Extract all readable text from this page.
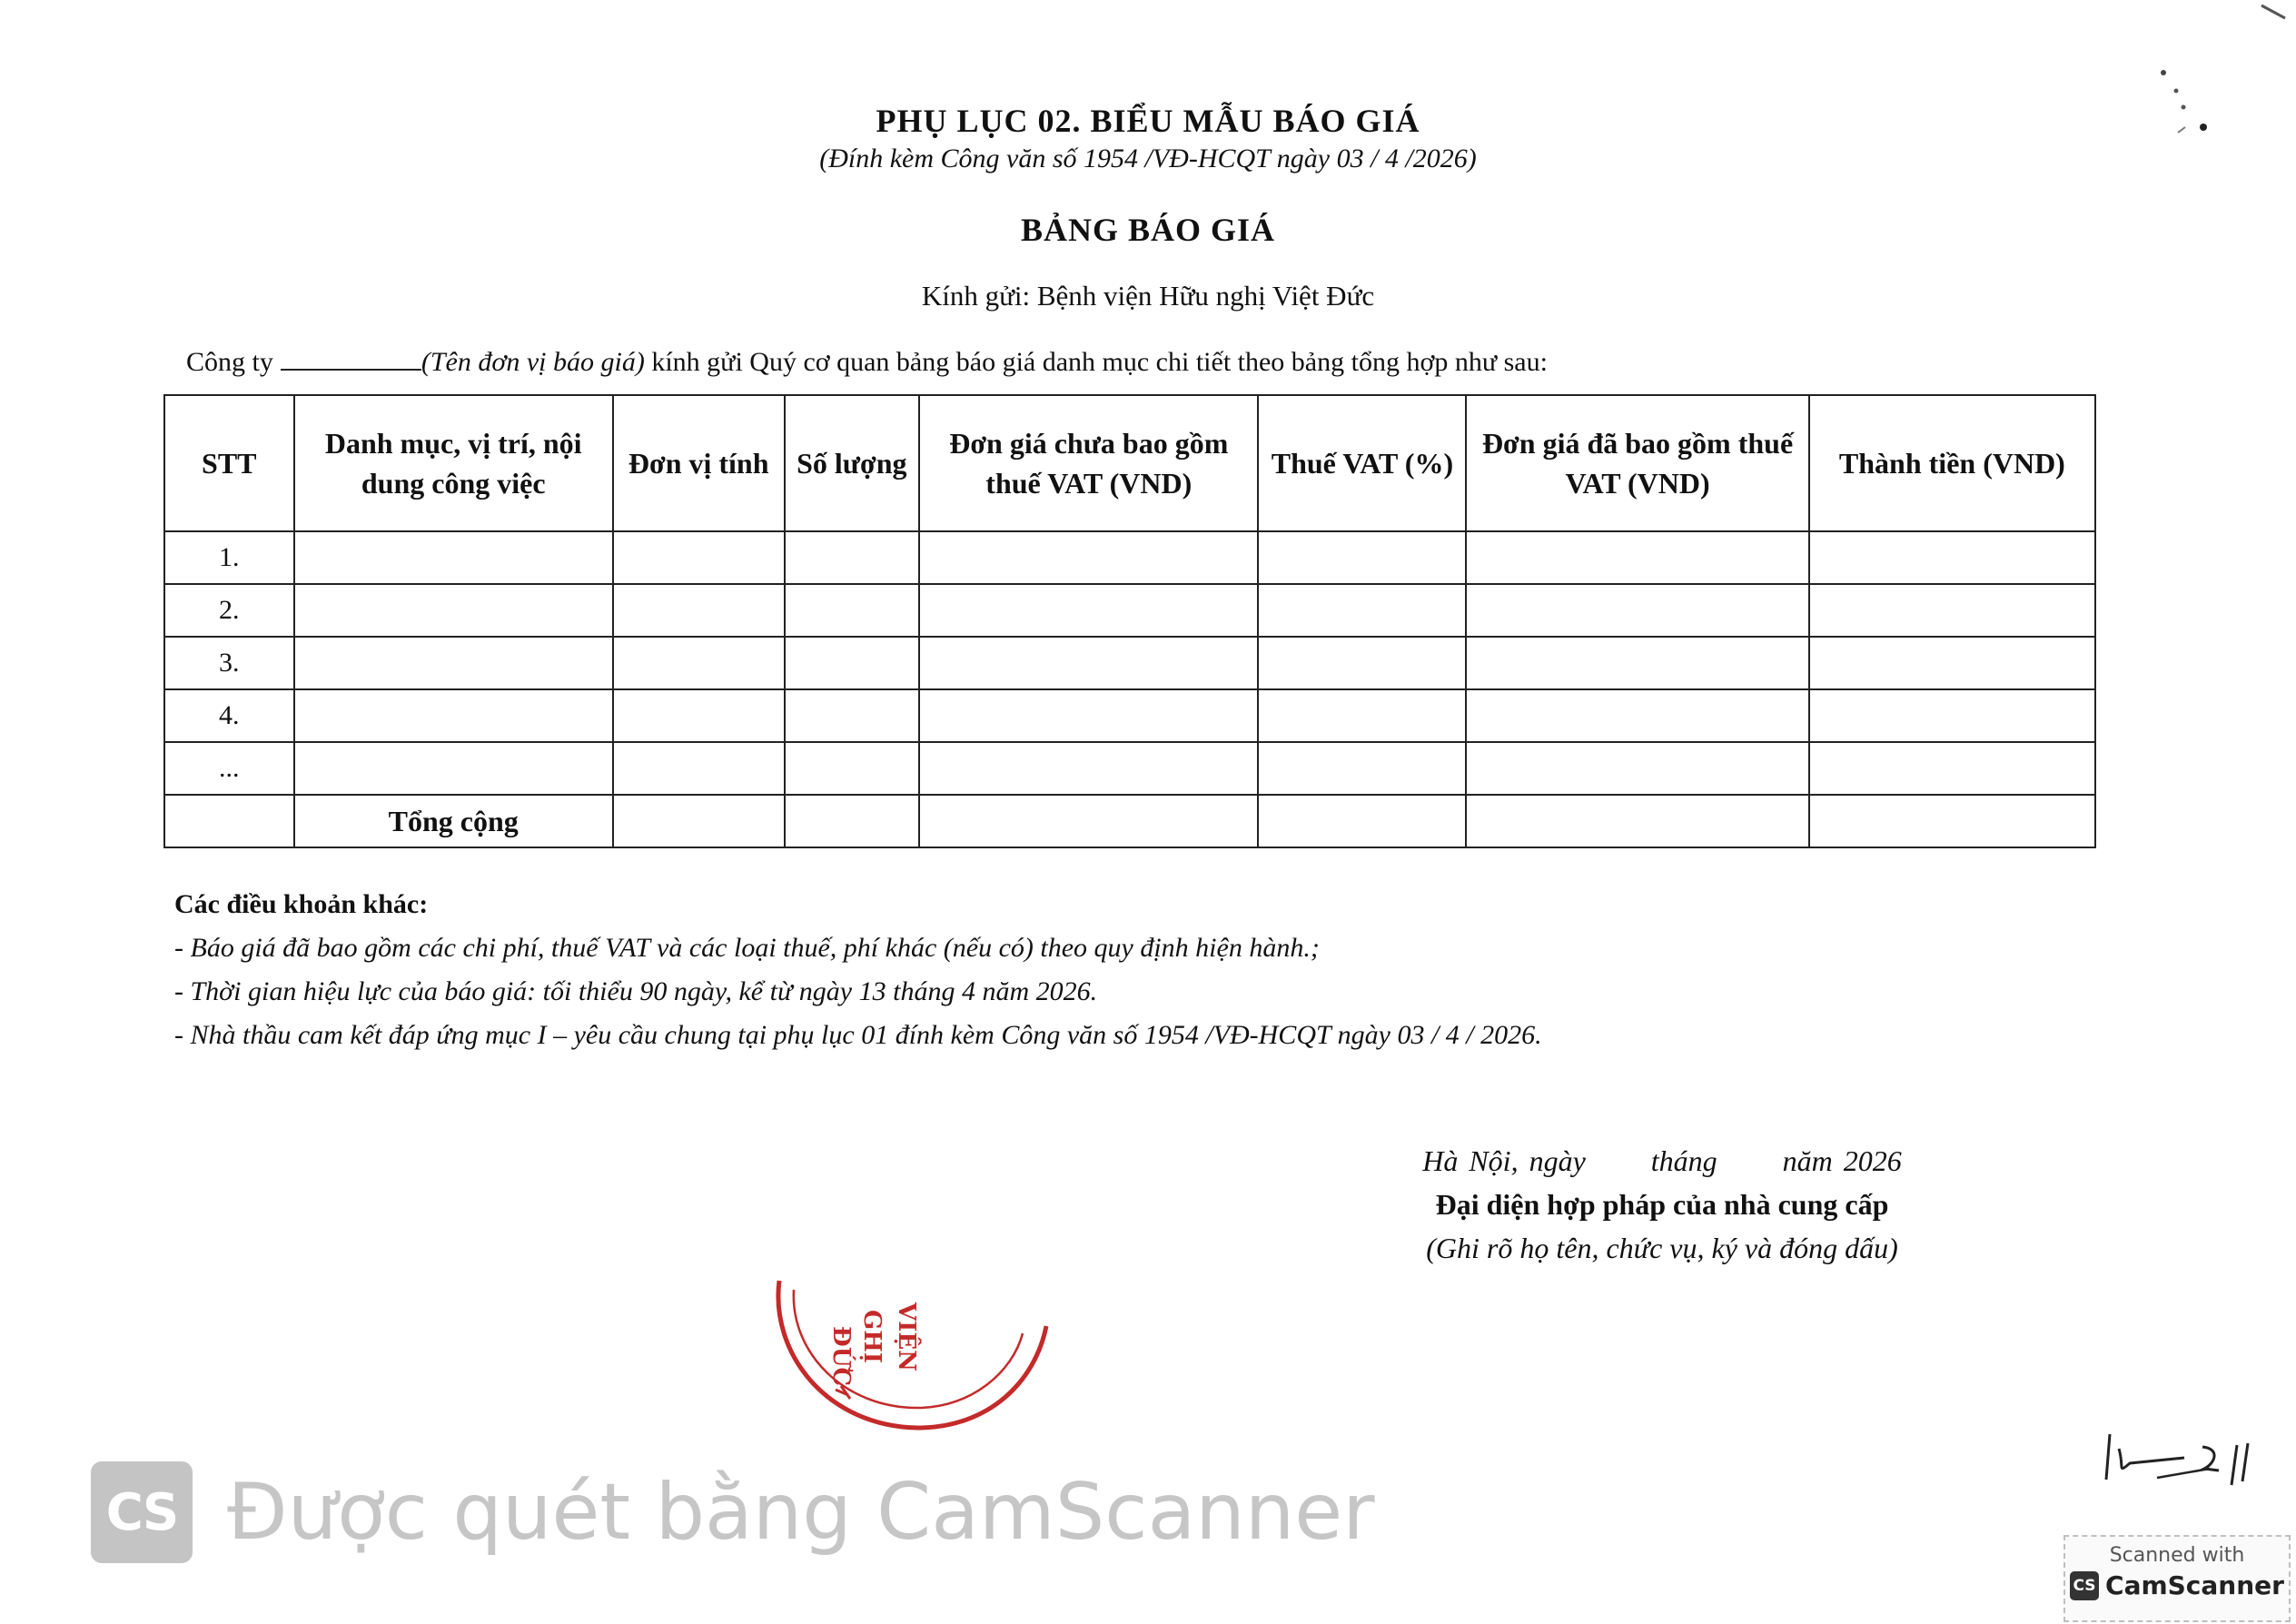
PHỤ LỤC 02. BIỂU MẪU BÁO GIÁ
(Đính kèm Công văn số 1954 /VĐ-HCQT ngày 03 / 4 /2026)
BẢNG BÁO GIÁ
Kính gửi: Bệnh viện Hữu nghị Việt Đức
Công ty	(Tên đơn vị báo giá) kính gửi Quý cơ quan bảng báo giá danh mục chi tiết theo bảng tổng hợp như sau:
STT	Danh mục, vị trí, nội dung công việc	Đơn vị tính	Số lượng	Đơn giá chưa bao gồm thuế VAT (VND)	Thuế VAT (%)	Đơn giá đã bao gồm thuế VAT (VND)	Thành tiền (VND)
1.							
2.							
3.							
4.							
...							
	Tổng cộng						
Các điều khoản khác:
- Báo giá đã bao gồm các chi phí, thuế VAT và các loại thuế, phí khác (nếu có) theo quy định hiện hành.;
- Thời gian hiệu lực của báo giá: tối thiểu 90 ngày, kể từ ngày 13 tháng 4 năm 2026.
- Nhà thầu cam kết đáp ứng mục I – yêu cầu chung tại phụ lục 01 đính kèm Công văn số 1954 /VĐ-HCQT ngày 03 / 4 / 2026.
Hà Nội, ngày      tháng      năm 2026
Đại diện hợp pháp của nhà cung cấp
(Ghi rõ họ tên, chức vụ, ký và đóng dấu)
ĐỨC GHỊ VIỆN
CS Được quét bằng CamScanner	Scanned with
CS CamScanner
